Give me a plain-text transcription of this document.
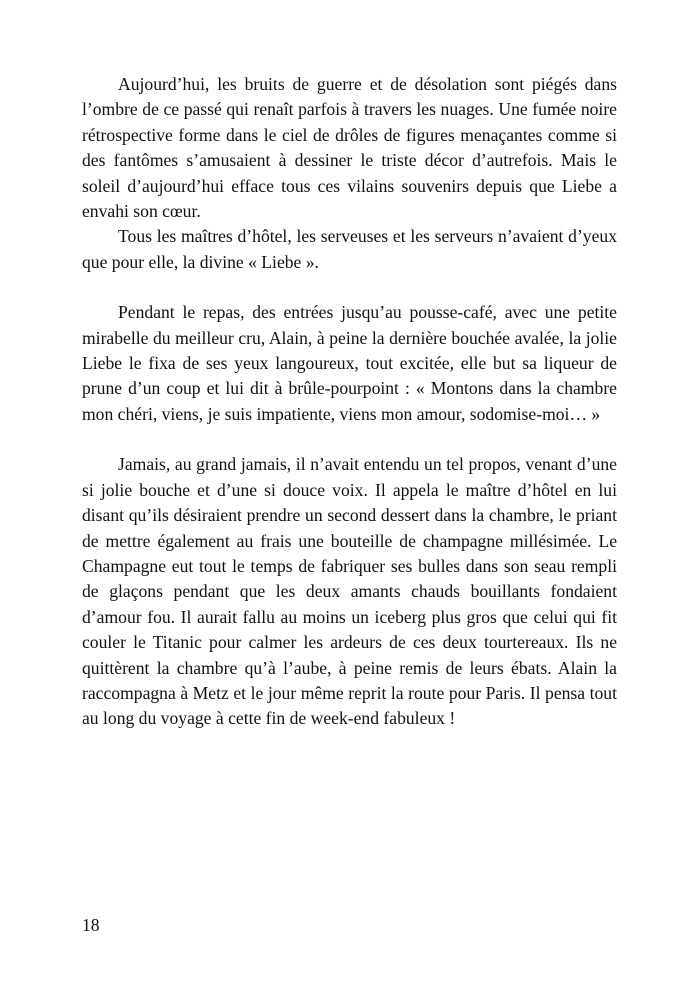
Aujourd’hui, les bruits de guerre et de désolation sont piégés dans l’ombre de ce passé qui renaît parfois à travers les nuages. Une fumée noire rétrospective forme dans le ciel de drôles de figures menaçantes comme si des fantômes s’amusaient à dessiner le triste décor d’autrefois. Mais le soleil d’aujourd’hui efface tous ces vilains souvenirs depuis que Liebe a envahi son cœur.

Tous les maîtres d’hôtel, les serveuses et les serveurs n’avaient d’yeux que pour elle, la divine « Liebe ».

Pendant le repas, des entrées jusqu’au pousse-café, avec une petite mirabelle du meilleur cru, Alain, à peine la dernière bouchée avalée, la jolie Liebe le fixa de ses yeux langoureux, tout excitée, elle but sa liqueur de prune d’un coup et lui dit à brûle-pourpoint : « Montons dans la chambre mon chéri, viens, je suis impatiente, viens mon amour, sodomise-moi… »

Jamais, au grand jamais, il n’avait entendu un tel propos, venant d’une si jolie bouche et d’une si douce voix. Il appela le maître d’hôtel en lui disant qu’ils désiraient prendre un second dessert dans la chambre, le priant de mettre également au frais une bouteille de champagne millésimée. Le Champagne eut tout le temps de fabriquer ses bulles dans son seau rempli de glaçons pendant que les deux amants chauds bouillants fondaient d’amour fou. Il aurait fallu au moins un iceberg plus gros que celui qui fit couler le Titanic pour calmer les ardeurs de ces deux tourtereaux. Ils ne quittèrent la chambre qu’à l’aube, à peine remis de leurs ébats. Alain la raccompagna à Metz et le jour même reprit la route pour Paris. Il pensa tout au long du voyage à cette fin de week-end fabuleux !

18
